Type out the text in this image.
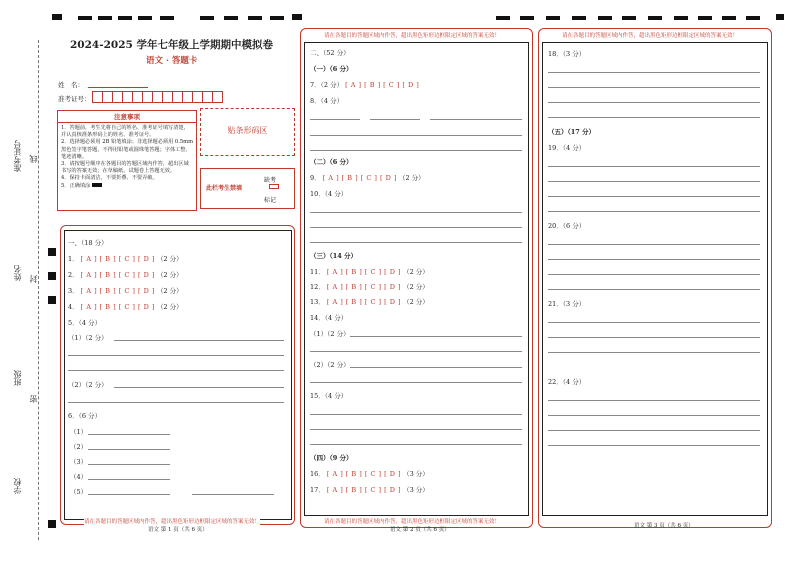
准考证号 线
姓名 封
班级
密
学校
2024-2025 学年七年级上学期期中模拟卷
语文 · 答题卡
姓　名：
准考证号：
注意事项
1．答题前，考生先将自己的姓名、准考证号填写清楚，并认真核准条形码上的姓名、准考证号。
2．选择题必须用 2B 铅笔填涂；非选择题必须用 0.5mm 黑色签字笔答题，不得用铅笔或圆珠笔答题；字体工整、笔迹清晰。
3．请按题号顺序在各题目的答题区域内作答，超出区域书写的答案无效；在草稿纸、试题卷上答题无效。
4．保持卡面清洁，不要折叠、不要弄破。
5．正确填涂
贴条形码区
此栏考生禁填
缺考
标记
一、（18 分）
1． [ A ] [ B ] [ C ] [ D ] （2 分）
2． [ A ] [ B ] [ C ] [ D ] （2 分）
3． [ A ] [ B ] [ C ] [ D ] （2 分）
4． [ A ] [ B ] [ C ] [ D ] （2 分）
5．（4 分）
（1）（2 分）
（2）（2 分）
6．（6 分）
（1）
（2）
（3）
（4）
（5）
请在各题目的答题区域内作答，超出黑色矩形边框限定区域的答案无效！
语文 第 1 页（共 6 页）
请在各题目的答题区域内作答，超出黑色矩形边框限定区域的答案无效！
二、（52 分）
（一）（6 分）
7．（2 分） [ A ] [ B ] [ C ] [ D ]
8．（4 分）
（二）（6 分）
9． [ A ] [ B ] [ C ] [ D ] （2 分）
10．（4 分）
（三）（14 分）
11． [ A ] [ B ] [ C ] [ D ] （2 分）
12． [ A ] [ B ] [ C ] [ D ] （2 分）
13． [ A ] [ B ] [ C ] [ D ] （2 分）
14．（4 分）
（1）（2 分）
（2）（2 分）
15．（4 分）
（四）（9 分）
16． [ A ] [ B ] [ C ] [ D ] （3 分）
17． [ A ] [ B ] [ C ] [ D ] （3 分）
请在各题目的答题区域内作答，超出黑色矩形边框限定区域的答案无效！
语文 第 2 页（共 6 页）
请在各题目的答题区域内作答，超出黑色矩形边框限定区域的答案无效！
18．（3 分）
（五）（17 分）
19．（4 分）
20．（6 分）
21．（3 分）
22．（4 分）
语文 第 3 页（共 6 页）
